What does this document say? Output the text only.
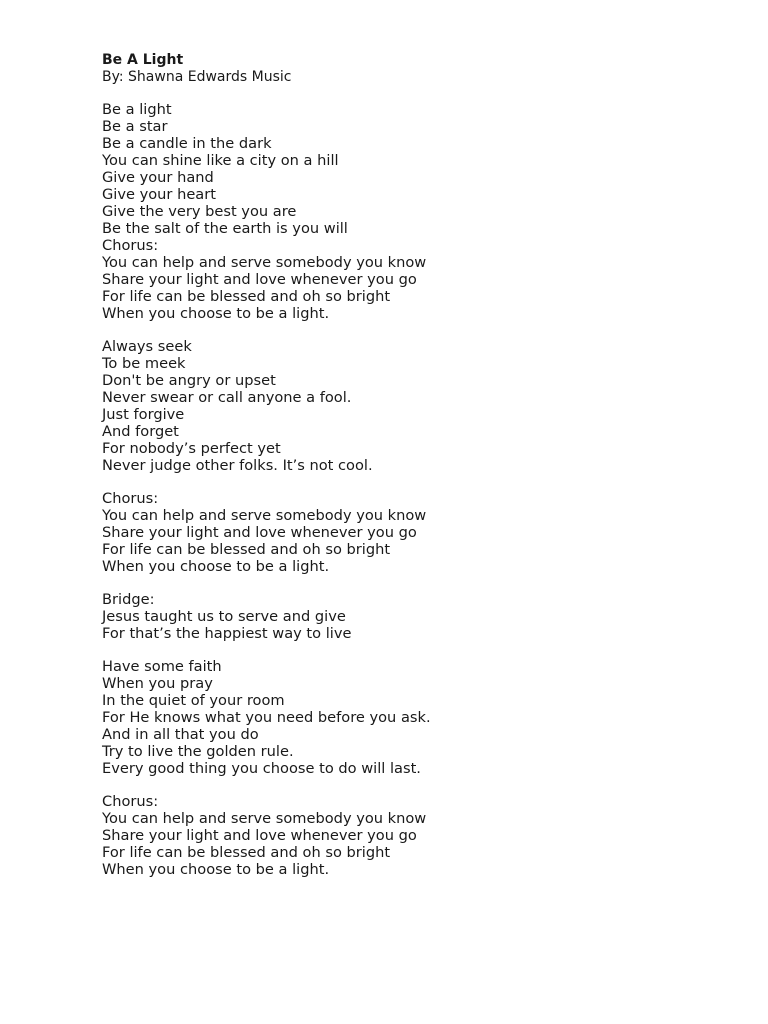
Be A Light

By: Shawna Edwards Music

Be a light

Be a star

Be a candle in the dark

You can shine like a city on a hill

Give your hand

Give your heart

Give the very best you are

Be the salt of the earth is you will

Chorus:

You can help and serve somebody you know

Share your light and love whenever you go

For life can be blessed and oh so bright

When you choose to be a light.

Always seek

To be meek

Don't be angry or upset

Never swear or call anyone a fool.

Just forgive

And forget

For nobody’s perfect yet

Never judge other folks. It’s not cool.

Chorus:

You can help and serve somebody you know

Share your light and love whenever you go

For life can be blessed and oh so bright

When you choose to be a light.

Bridge:

Jesus taught us to serve and give

For that’s the happiest way to live

Have some faith

When you pray

In the quiet of your room

For He knows what you need before you ask.

And in all that you do

Try to live the golden rule.

Every good thing you choose to do will last.

Chorus:

You can help and serve somebody you know

Share your light and love whenever you go

For life can be blessed and oh so bright

When you choose to be a light.
